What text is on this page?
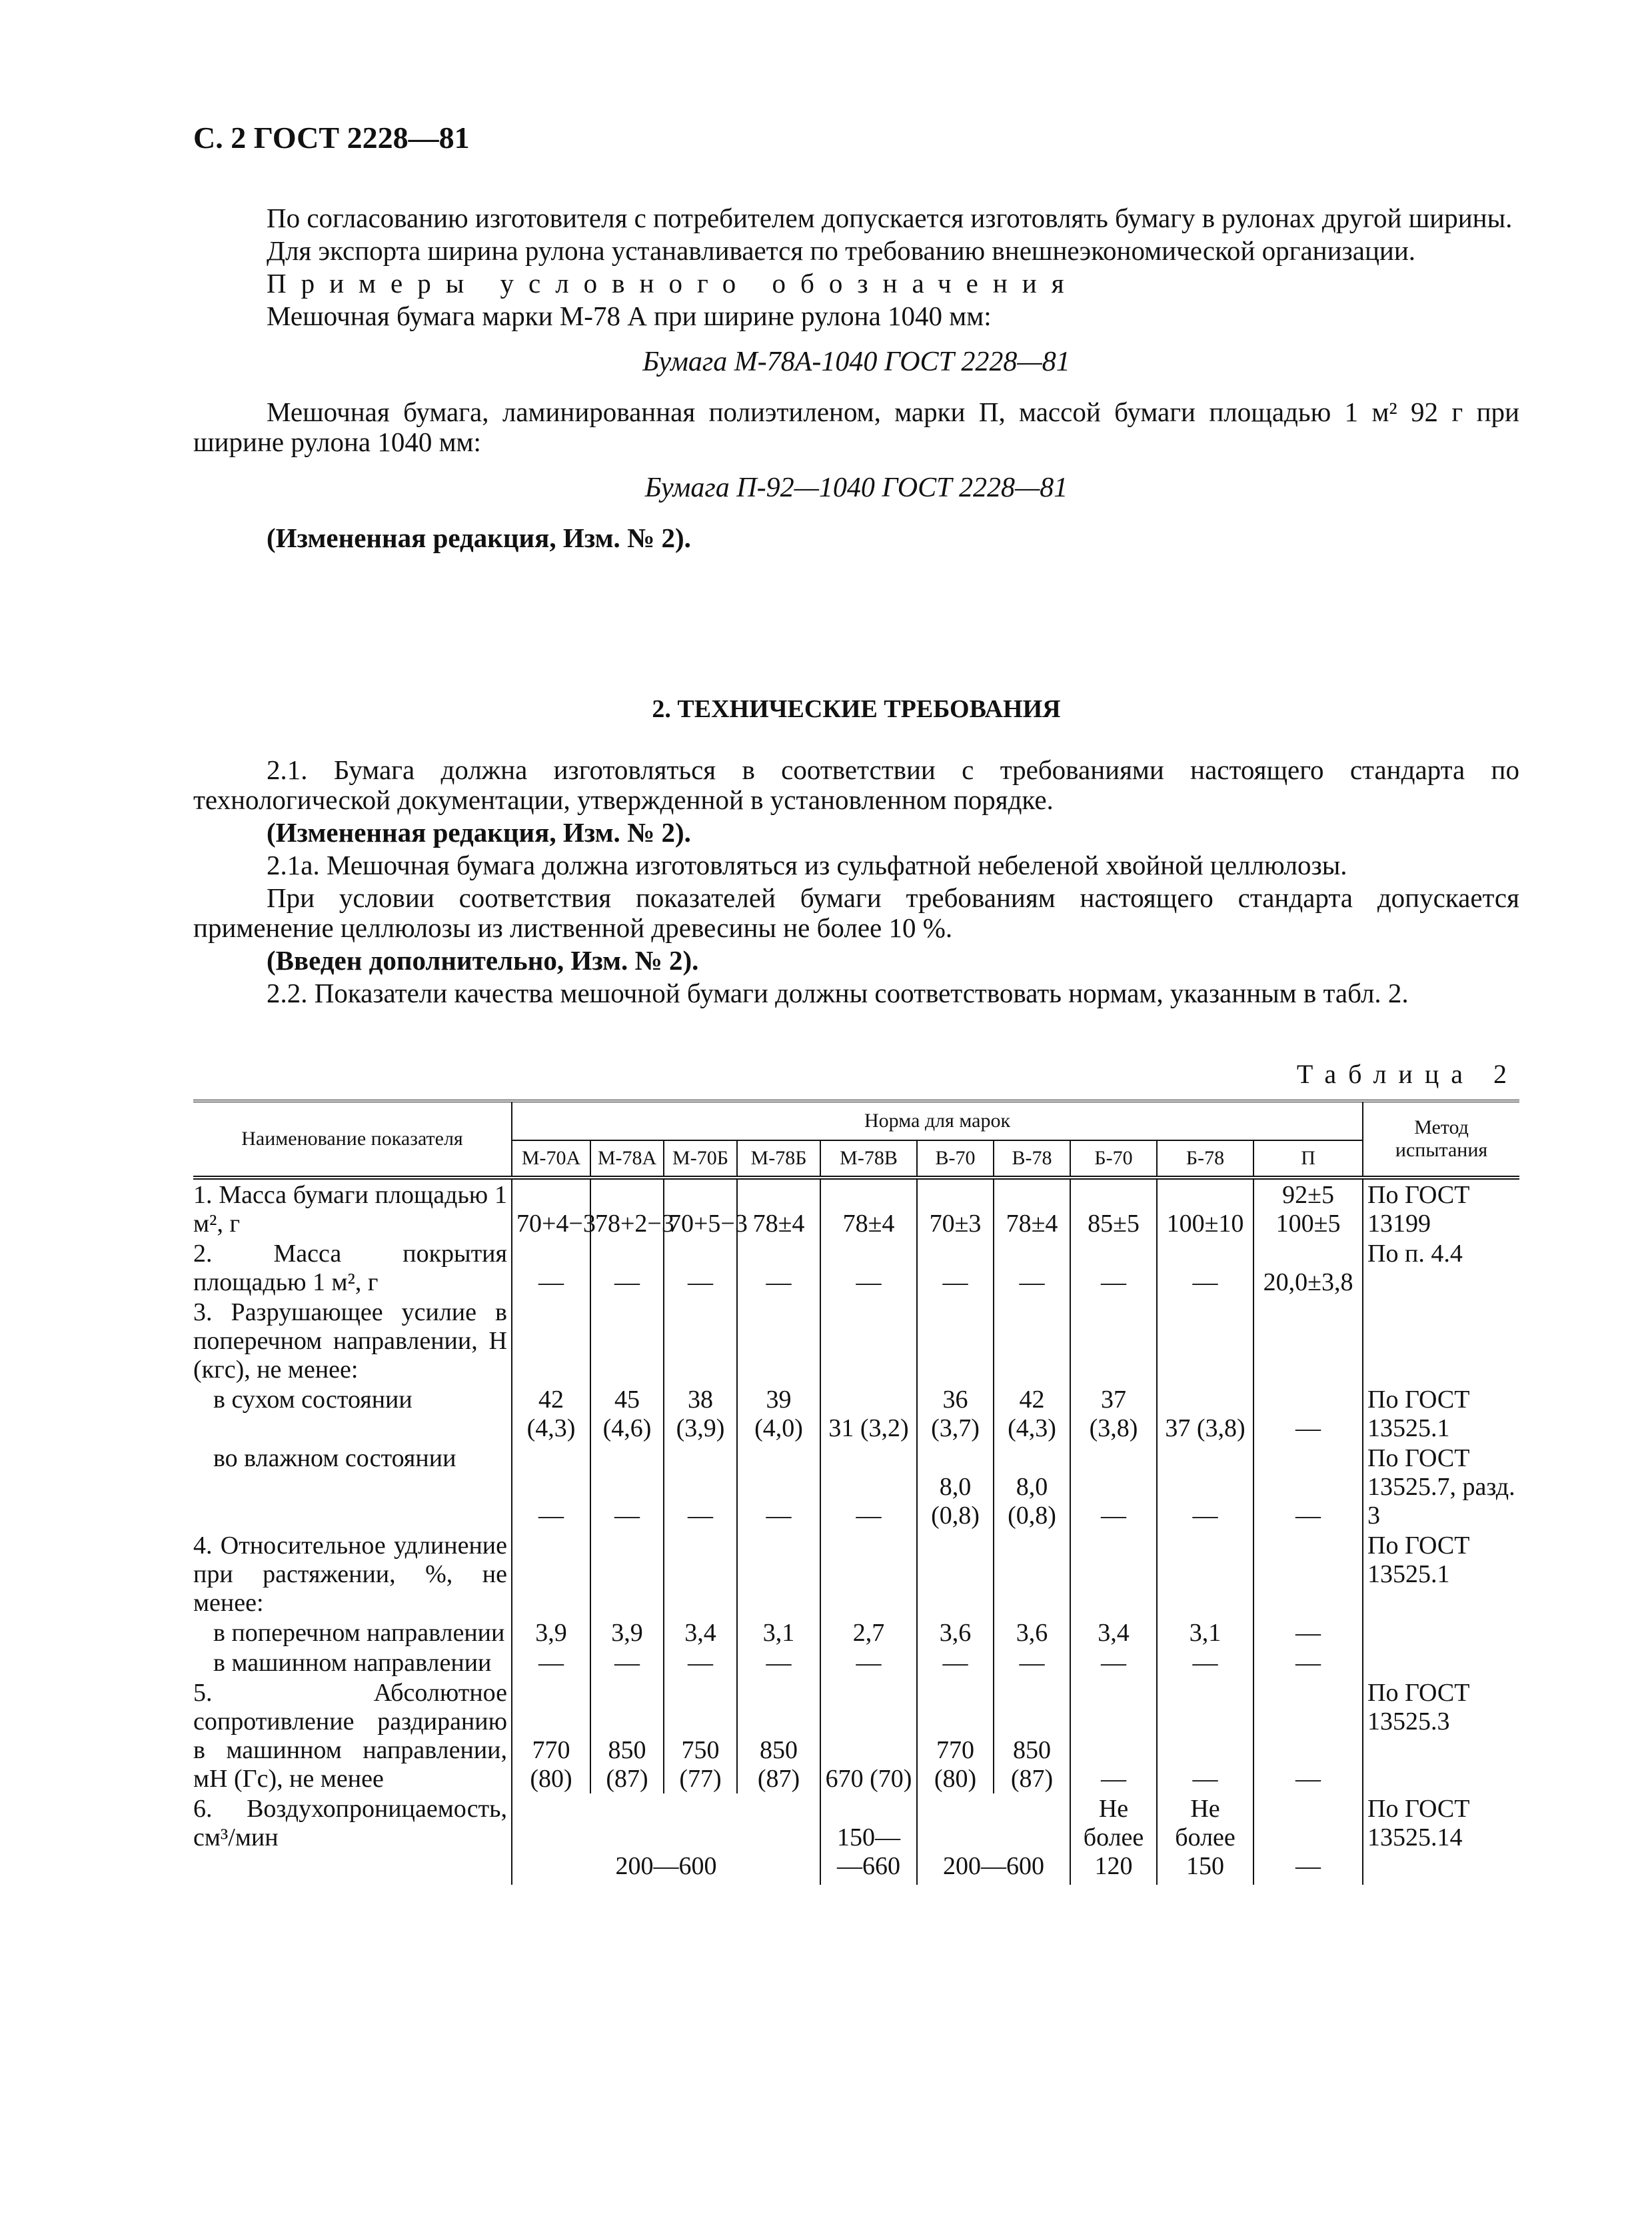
С. 2 ГОСТ 2228—81

По согласованию изготовителя с потребителем допускается изготовлять бумагу в рулонах другой ширины.

Для экспорта ширина рулона устанавливается по требованию внешнеэкономической организации.

Примеры условного обозначения

Мешочная бумага марки М-78 А при ширине рулона 1040 мм:

Бумага М-78А-1040 ГОСТ 2228—81

Мешочная бумага, ламинированная полиэтиленом, марки П, массой бумаги площадью 1 м² 92 г при ширине рулона 1040 мм:

Бумага П-92—1040 ГОСТ 2228—81

(Измененная редакция, Изм. № 2).

2. ТЕХНИЧЕСКИЕ ТРЕБОВАНИЯ

2.1. Бумага должна изготовляться в соответствии с требованиями настоящего стандарта по технологической документации, утвержденной в установленном порядке.

(Измененная редакция, Изм. № 2).

2.1а. Мешочная бумага должна изготовляться из сульфатной небеленой хвойной целлюлозы.

При условии соответствия показателей бумаги требованиям настоящего стандарта допускается применение целлюлозы из лиственной древесины не более 10 %.

(Введен дополнительно, Изм. № 2).

2.2. Показатели качества мешочной бумаги должны соответствовать нормам, указанным в табл. 2.

Таблица 2
Наименование показателя	Норма для марок										Метод испытания
	М-70А	М-78А	М-70Б	М-78Б	М-78В	В-70	В-78	Б-70	Б-78	П	
1. Масса бумаги площадью 1 м², г	70+4−3	78+2−3	70+5−3	78±4	78±4	70±3	78±4	85±5	100±10	92±5 100±5	По ГОСТ 13199
2. Масса покрытия площадью 1 м², г	—	—	—	—	—	—	—	—	—	20,0±3,8	По п. 4.4
3. Разрушающее усилие в поперечном направлении, Н (кгс), не менее:											
в сухом состоянии	42 (4,3)	45 (4,6)	38 (3,9)	39 (4,0)	31 (3,2)	36 (3,7)	42 (4,3)	37 (3,8)	37 (3,8)	—	По ГОСТ 13525.1
во влажном состоянии	—	—	—	—	—	8,0 (0,8)	8,0 (0,8)	—	—	—	По ГОСТ 13525.7, разд. 3
4. Относительное удлинение при растяжении, %, не менее:											По ГОСТ 13525.1
в поперечном направлении	3,9	3,9	3,4	3,1	2,7	3,6	3,6	3,4	3,1	—	
в машинном направлении	—	—	—	—	—	—	—	—	—	—	
5. Абсолютное сопротивление раздиранию в машинном направлении, мН (Гс), не менее	770 (80)	850 (87)	750 (77)	850 (87)	670 (70)	770 (80)	850 (87)	—	—	—	По ГОСТ 13525.3
6. Воздухопроницаемость, см³/мин	200—600				150— —660	200—600		Не более 120	Не более 150	—	По ГОСТ 13525.14
